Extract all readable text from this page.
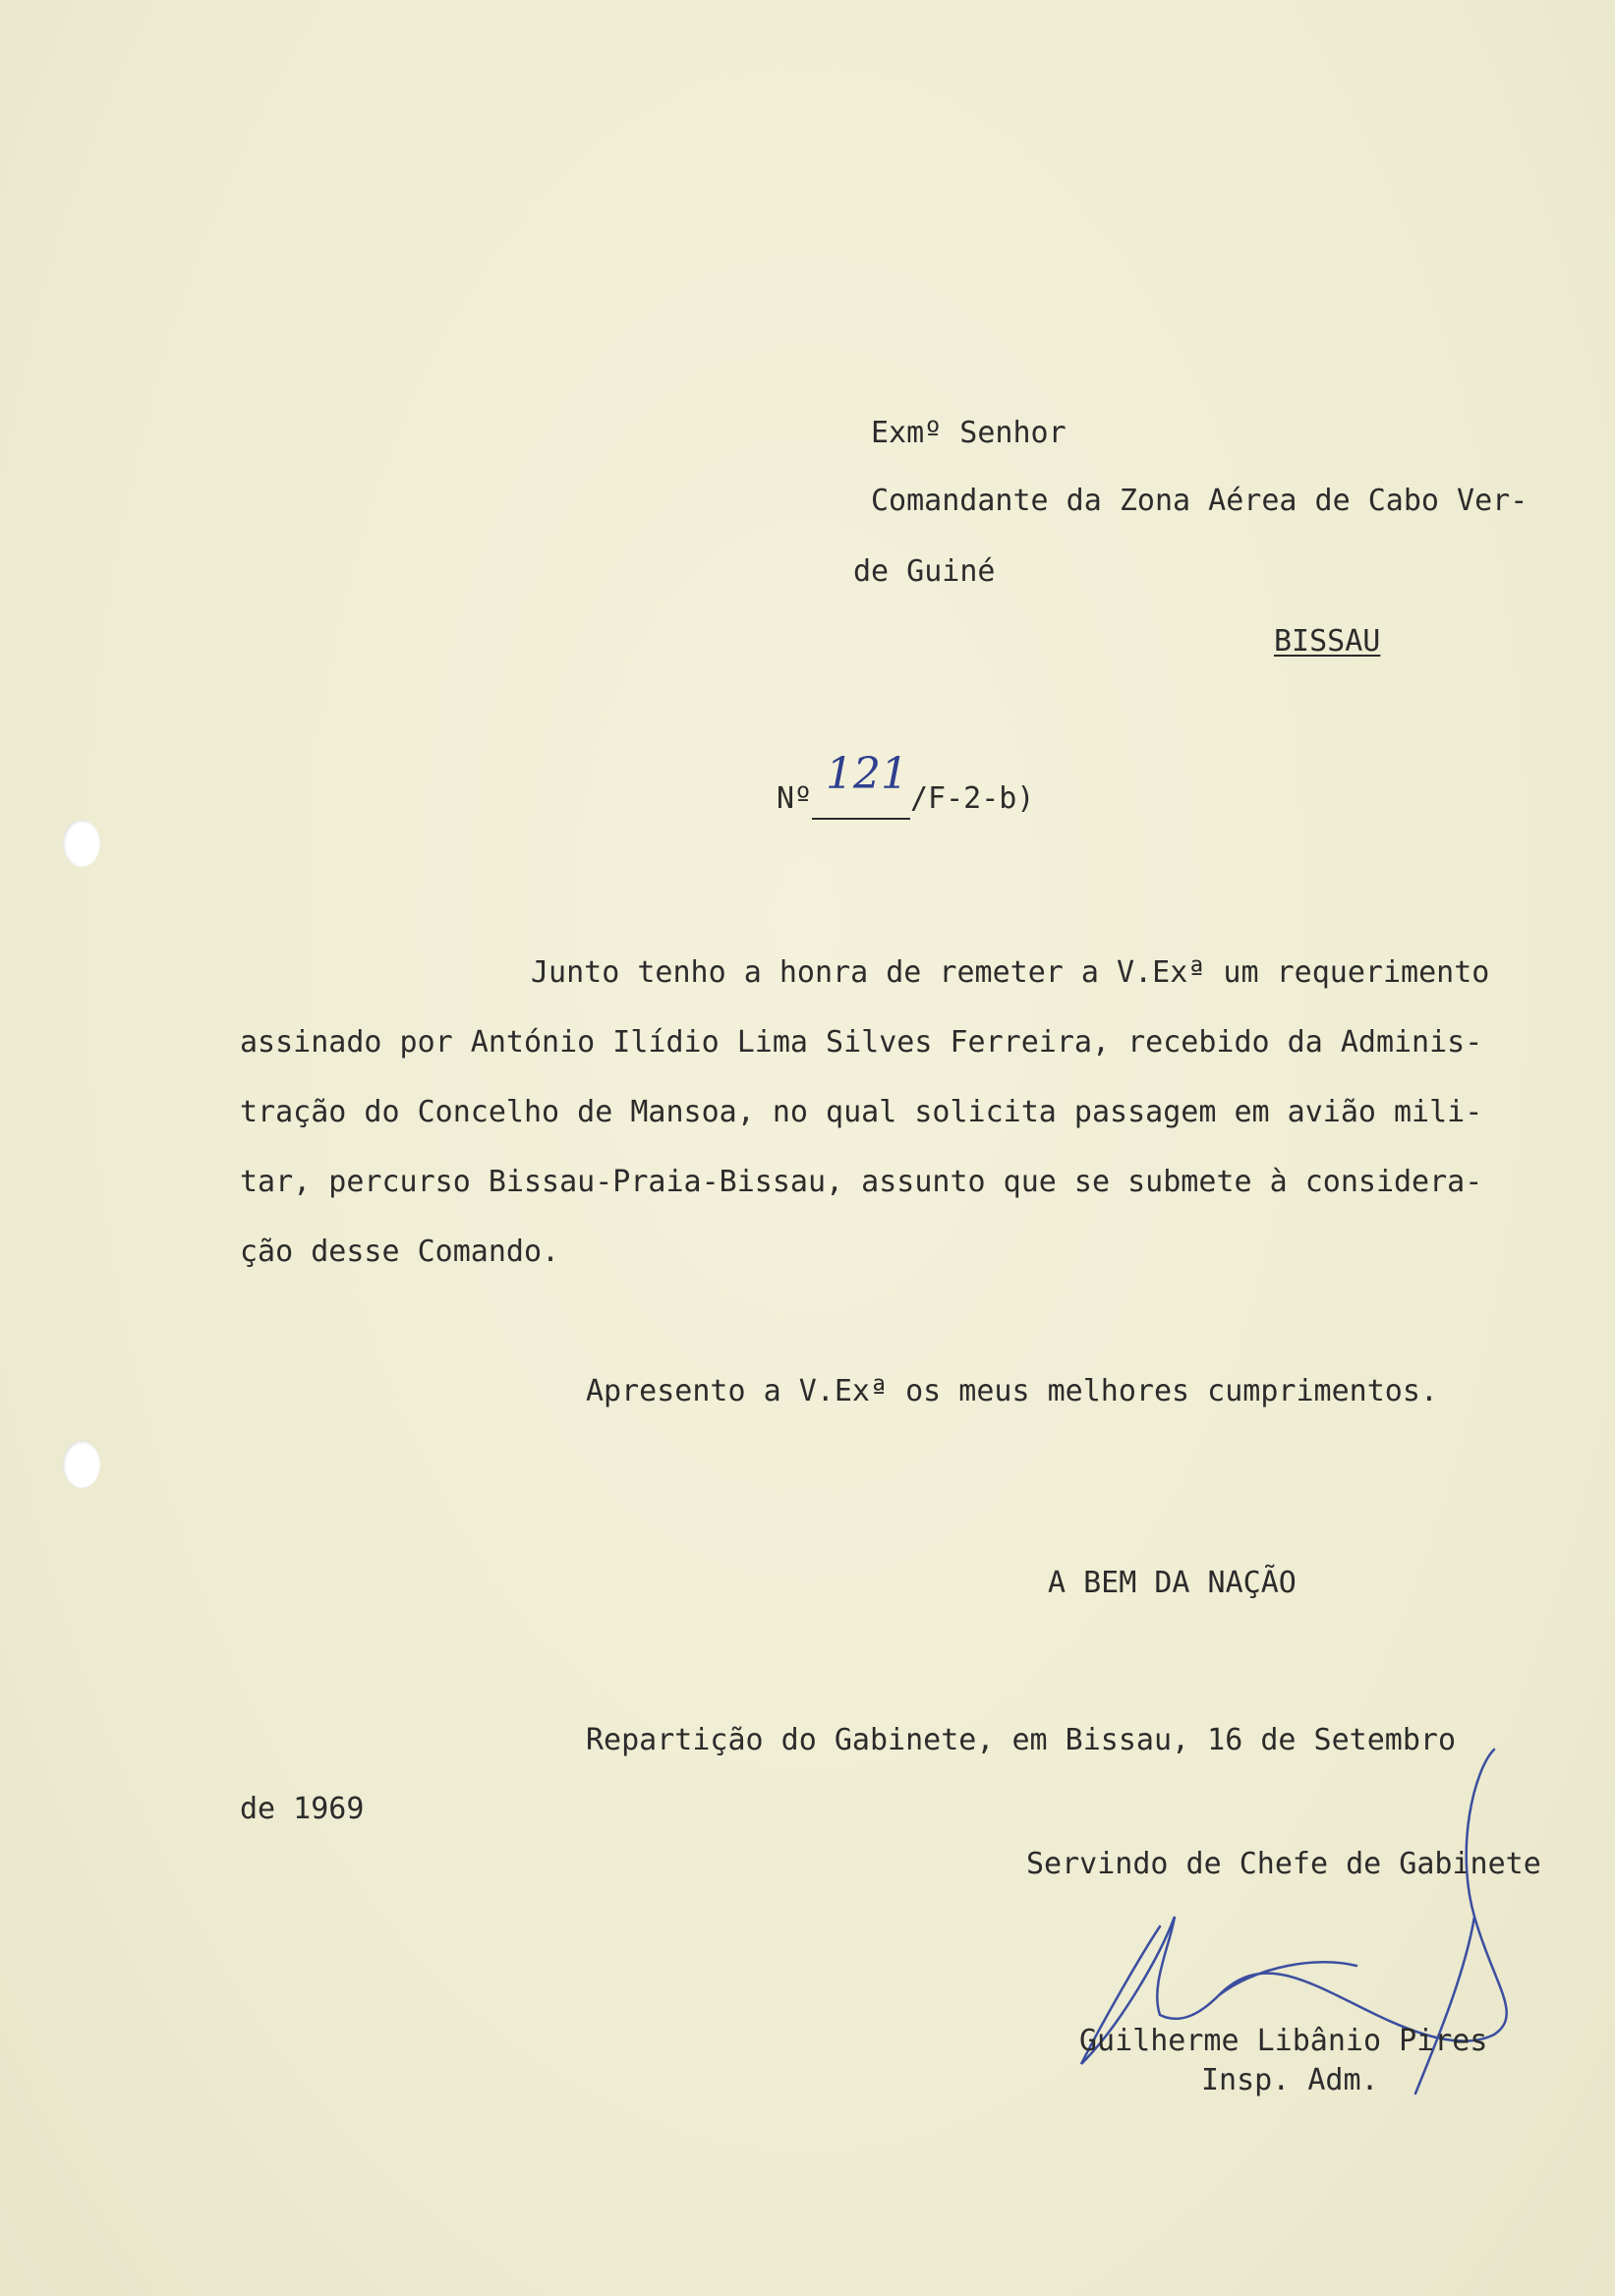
Exmº Senhor
Comandante da Zona Aérea de Cabo Ver-
de Guiné
BISSAU
Nº 121 /F-2-b)
Junto tenho a honra de remeter a V.Exª um requerimento
assinado por António Ilídio Lima Silves Ferreira, recebido da Adminis-
tração do Concelho de Mansoa, no qual solicita passagem em avião mili-
tar, percurso Bissau-Praia-Bissau, assunto que se submete à considera-
ção desse Comando.
Apresento a V.Exª os meus melhores cumprimentos.
A BEM DA NAÇÃO
Repartição do Gabinete, em Bissau, 16 de Setembro
de 1969
Servindo de Chefe de Gabinete
Guilherme Libânio Pires
Insp. Adm.
